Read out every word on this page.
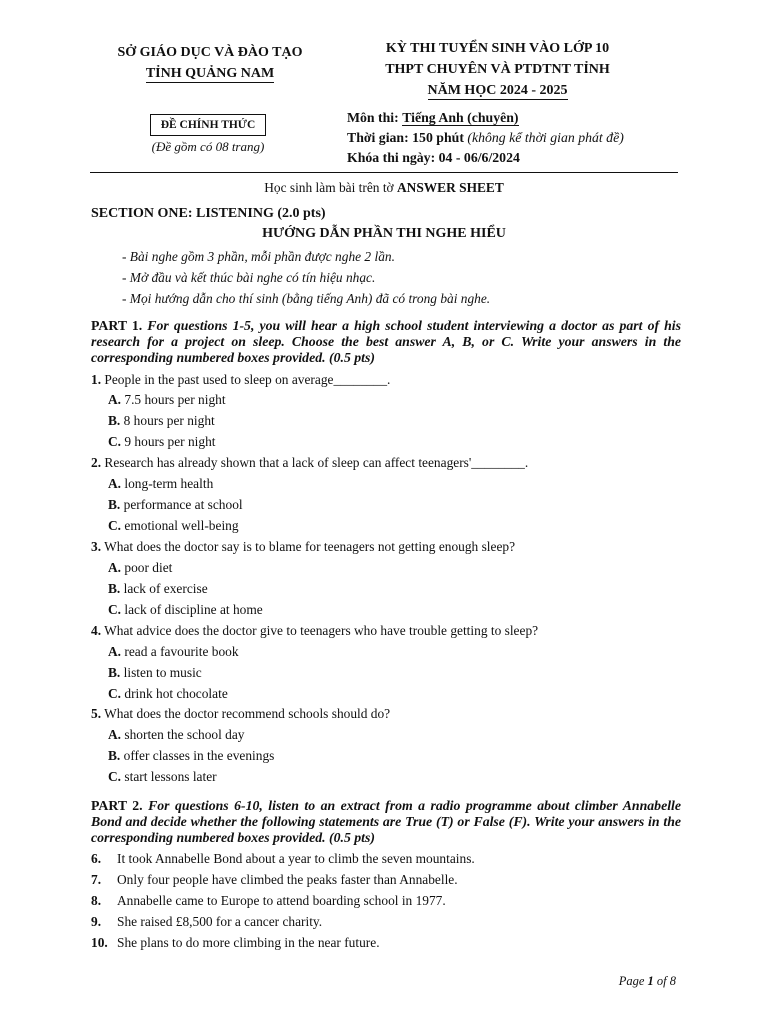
SỞ GIÁO DỤC VÀ ĐÀO TẠO
TỈNH QUẢNG NAM
KỲ THI TUYỂN SINH VÀO LỚP 10
THPT CHUYÊN VÀ PTDTNT TỈNH
NĂM HỌC 2024 - 2025
ĐỀ CHÍNH THỨC
(Đề gồm có 08 trang)
Môn thi: Tiếng Anh (chuyên)
Thời gian: 150 phút (không kể thời gian phát đề)
Khóa thi ngày: 04 - 06/6/2024
Học sinh làm bài trên tờ ANSWER SHEET
SECTION ONE: LISTENING (2.0 pts)
HƯỚNG DẪN PHẦN THI NGHE HIỂU
- Bài nghe gồm 3 phần, mỗi phần được nghe 2 lần.
- Mở đầu và kết thúc bài nghe có tín hiệu nhạc.
- Mọi hướng dẫn cho thí sinh (bằng tiếng Anh) đã có trong bài nghe.
PART 1. For questions 1-5, you will hear a high school student interviewing a doctor as part of his research for a project on sleep. Choose the best answer A, B, or C. Write your answers in the corresponding numbered boxes provided. (0.5 pts)
1. People in the past used to sleep on average________.
A. 7.5 hours per night
B. 8 hours per night
C. 9 hours per night
2. Research has already shown that a lack of sleep can affect teenagers'________.
A. long-term health
B. performance at school
C. emotional well-being
3. What does the doctor say is to blame for teenagers not getting enough sleep?
A. poor diet
B. lack of exercise
C. lack of discipline at home
4. What advice does the doctor give to teenagers who have trouble getting to sleep?
A. read a favourite book
B. listen to music
C. drink hot chocolate
5. What does the doctor recommend schools should do?
A. shorten the school day
B. offer classes in the evenings
C. start lessons later
PART 2. For questions 6-10, listen to an extract from a radio programme about climber Annabelle Bond and decide whether the following statements are True (T) or False (F). Write your answers in the corresponding numbered boxes provided. (0.5 pts)
6. It took Annabelle Bond about a year to climb the seven mountains.
7. Only four people have climbed the peaks faster than Annabelle.
8. Annabelle came to Europe to attend boarding school in 1977.
9. She raised £8,500 for a cancer charity.
10. She plans to do more climbing in the near future.
Page 1 of 8
